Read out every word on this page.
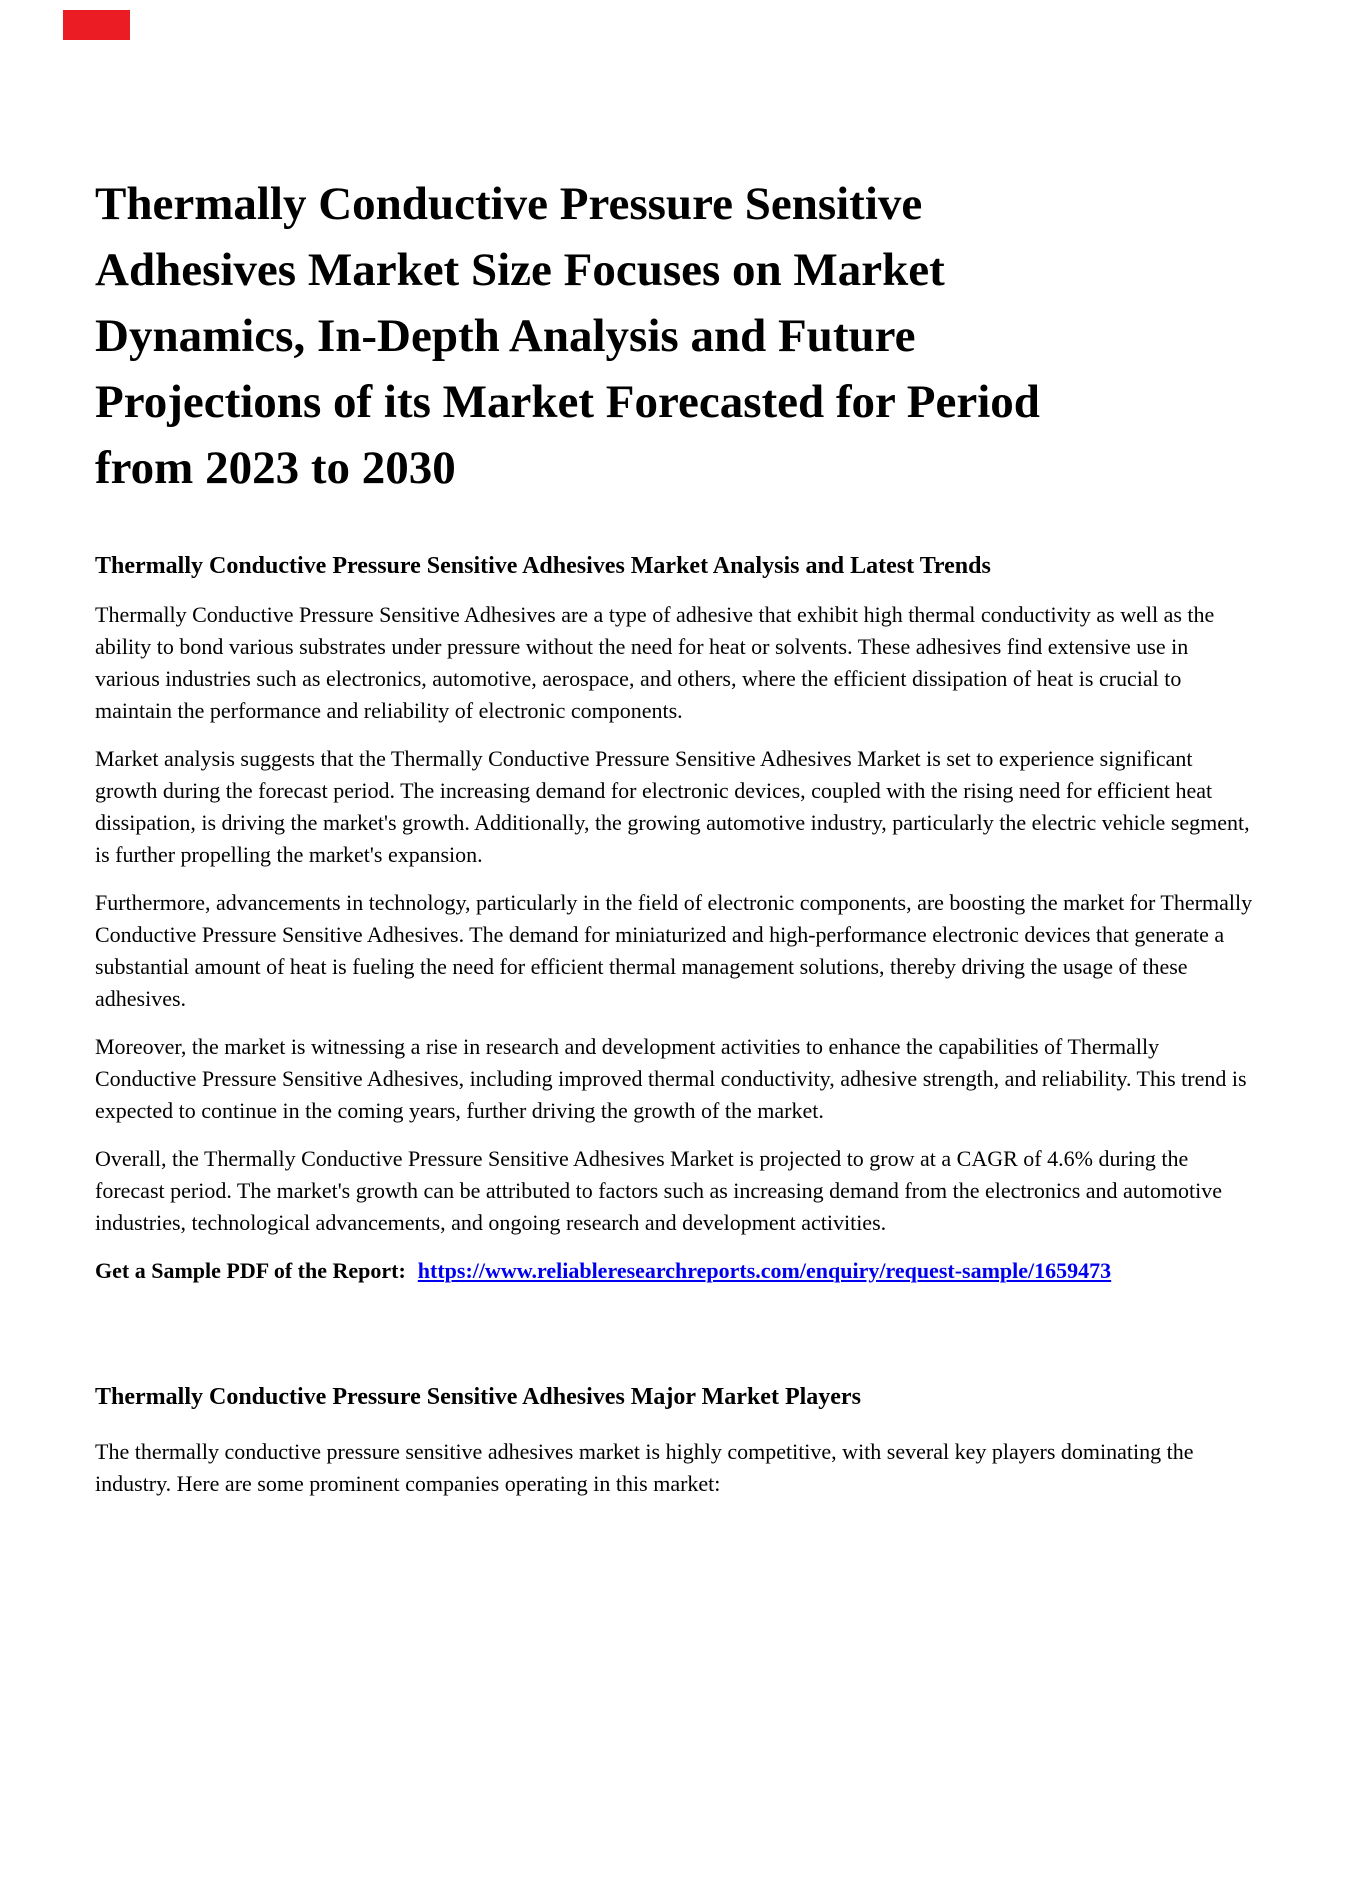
Thermally Conductive Pressure Sensitive
Adhesives Market Size Focuses on Market
Dynamics, In-Depth Analysis and Future
Projections of its Market Forecasted for Period
from 2023 to 2030
Thermally Conductive Pressure Sensitive Adhesives Market Analysis and Latest Trends

Thermally Conductive Pressure Sensitive Adhesives are a type of adhesive that exhibit high thermal conductivity as well as the ability to bond various substrates under pressure without the need for heat or solvents. These adhesives find extensive use in various industries such as electronics, automotive, aerospace, and others, where the efficient dissipation of heat is crucial to maintain the performance and reliability of electronic components.

Market analysis suggests that the Thermally Conductive Pressure Sensitive Adhesives Market is set to experience significant growth during the forecast period. The increasing demand for electronic devices, coupled with the rising need for efficient heat dissipation, is driving the market's growth. Additionally, the growing automotive industry, particularly the electric vehicle segment, is further propelling the market's expansion.

Furthermore, advancements in technology, particularly in the field of electronic components, are boosting the market for Thermally Conductive Pressure Sensitive Adhesives. The demand for miniaturized and high-performance electronic devices that generate a substantial amount of heat is fueling the need for efficient thermal management solutions, thereby driving the usage of these adhesives.

Moreover, the market is witnessing a rise in research and development activities to enhance the capabilities of Thermally Conductive Pressure Sensitive Adhesives, including improved thermal conductivity, adhesive strength, and reliability. This trend is expected to continue in the coming years, further driving the growth of the market.

Overall, the Thermally Conductive Pressure Sensitive Adhesives Market is projected to grow at a CAGR of 4.6% during the forecast period. The market's growth can be attributed to factors such as increasing demand from the electronics and automotive industries, technological advancements, and ongoing research and development activities.

Get a Sample PDF of the Report: https://www.reliableresearchreports.com/enquiry/request-sample/1659473

Thermally Conductive Pressure Sensitive Adhesives Major Market Players

The thermally conductive pressure sensitive adhesives market is highly competitive, with several key players dominating the industry. Here are some prominent companies operating in this market:
